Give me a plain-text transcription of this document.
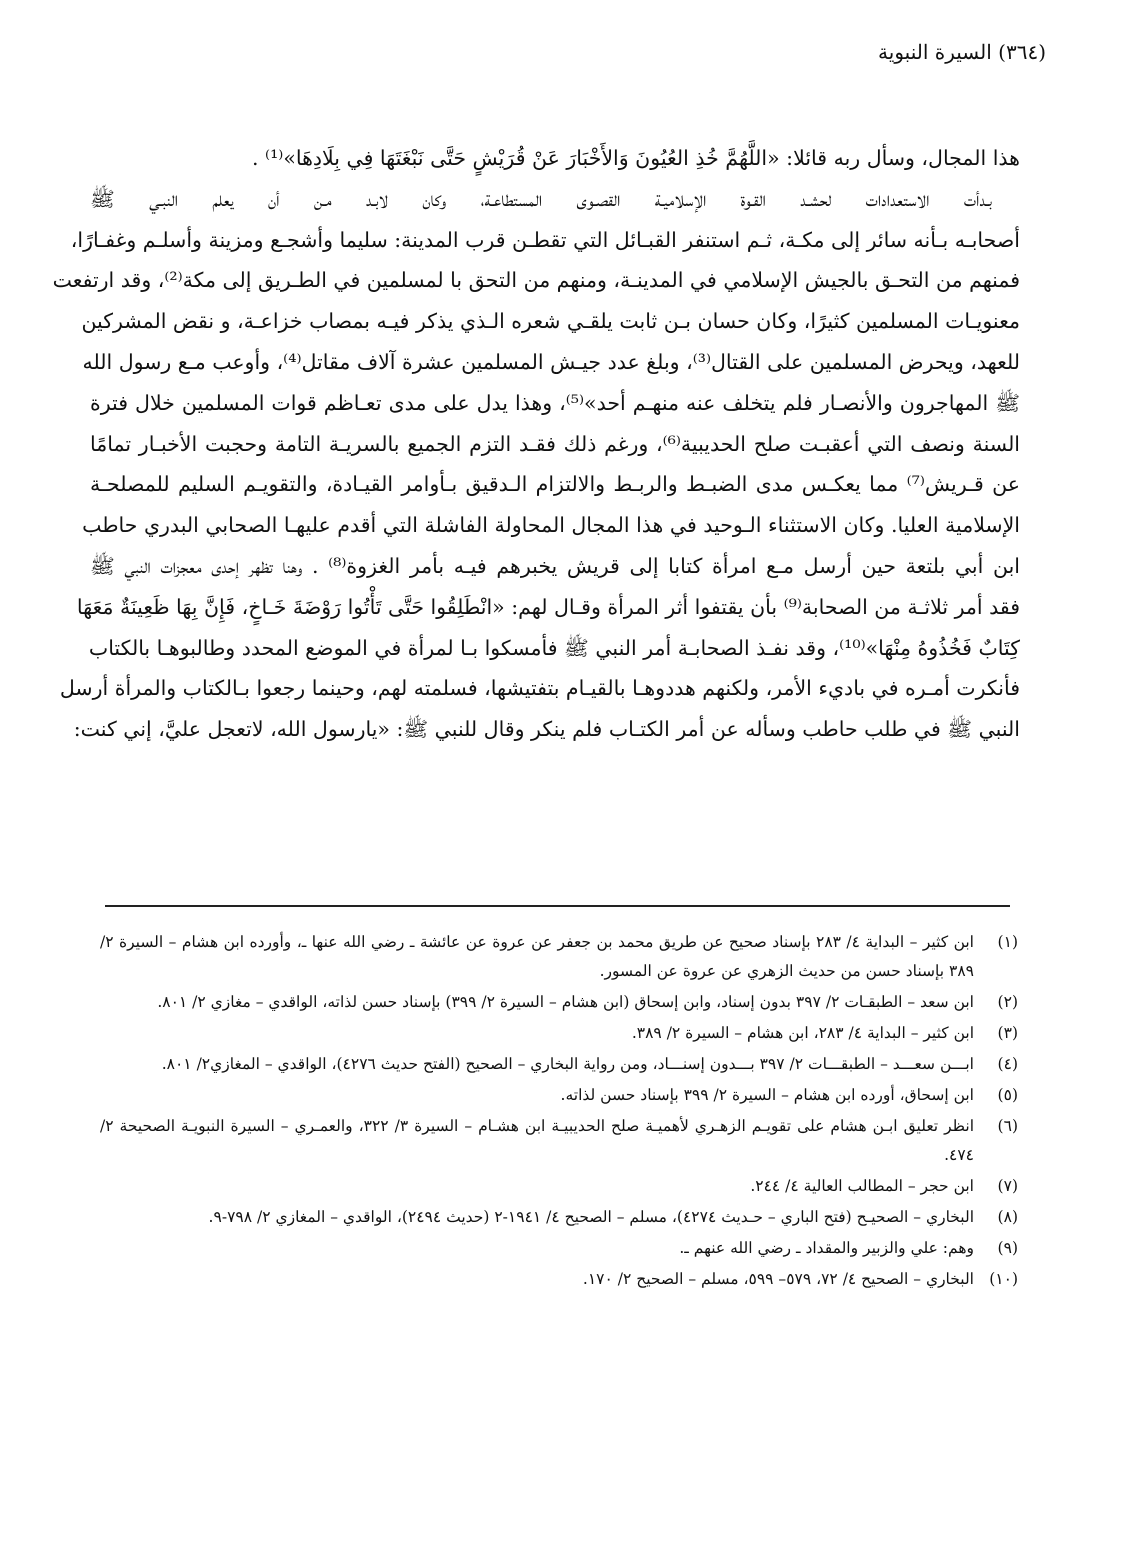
(٣٦٤) السيرة النبوية
هذا المجال، وسأل ربه قائلا: «اللَّهُمَّ خُذِ العُيُونَ وَالأَخْبَارَ عَنْ قُرَيْشٍ حَتَّى نَبْغَتَهَا فِي بِلَادِهَا»⁽¹⁾ .
بـدأت الاستعدادات لحشـد القـوة الإسلاميـة القصـوى المستطاعـة، وكان لابـد مـن أن يعلم النبـي ﷺ
أصحابـه بـأنه سائر إلى مكـة، ثـم استنفر القبـائل التي تقطـن قرب المدينة: سليما وأشجـع ومزينة وأسلـم وغفـارًا،
فمنهم من التحـق بالجيش الإسلامي في المدينـة، ومنهم من التحق با لمسلمين في الطـريق إلى مكة⁽²⁾، وقد ارتفعت
معنويـات المسلمين كثيرًا، وكان حسان بـن ثابت يلقـي شعره الـذي يذكر فيـه بمصاب خزاعـة، و نقض المشركين
للعهد، ويحرض المسلمين على القتال⁽³⁾، وبلغ عدد جيـش المسلمين عشرة آلاف مقاتل⁽⁴⁾، وأوعب مـع رسول الله
ﷺ المهاجرون والأنصـار فلم يتخلف عنه منهـم أحد»⁽⁵⁾، وهذا يدل على مدى تعـاظم قوات المسلمين خلال فترة
السنة ونصف التي أعقبـت صلح الحديبية⁽⁶⁾، ورغم ذلك فقـد التزم الجميع بالسريـة التامة وحجبت الأخبـار تمامًا
عن قـريش⁽⁷⁾ مما يعكـس مدى الضبـط والربـط والالتزام الـدقيق بـأوامر القيـادة، والتقويـم السليم للمصلحـة
الإسلامية العليا. وكان الاستثناء الـوحيد في هذا المجال المحاولة الفاشلة التي أقدم عليهـا الصحابي البدري حاطب
ابن أبي بلتعة حين أرسل مـع امرأة كتابا إلى قريش يخبرهم فيـه بأمر الغزوة⁽⁸⁾ . وهنا تظهر إحدى معجزات النبي ﷺ
فقد أمر ثلاثـة من الصحابة⁽⁹⁾ بأن يقتفوا أثر المرأة وقـال لهم: «انْطَلِقُوا حَتَّى تَأْتُوا رَوْضَةَ خَـاخٍ، فَإِنَّ بِهَا ظَعِينَةٌ مَعَهَا
كِتَابٌ فَخُذُوهُ مِنْهَا»⁽¹⁰⁾، وقد نفـذ الصحابـة أمر النبي ﷺ فأمسكوا بـا لمرأة في الموضع المحدد وطالبوهـا بالكتاب
فأنكرت أمـره في باديء الأمر، ولكنهم هددوهـا بالقيـام بتفتيشها، فسلمته لهم، وحينما رجعوا بـالكتاب والمرأة أرسل
النبي ﷺ في طلب حاطب وسأله عن أمر الكتـاب فلم ينكر وقال للنبي ﷺ: «يارسول الله، لاتعجل عليَّ، إني كنت:
(١)
ابن كثير – البداية ٤/ ٢٨٣ بإسناد صحيح عن طريق محمد بن جعفر عن عروة عن عائشة ـ رضي الله عنها ـ، وأورده ابن هشام – السيرة ٢/ ٣٨٩ بإسناد حسن من حديث الزهري عن عروة عن المسور.
(٢)
ابن سعد – الطبقـات ٢/ ٣٩٧ بدون إسناد، وابن إسحاق (ابن هشام – السيرة ٢/ ٣٩٩) بإسناد حسن لذاته، الواقدي – مغازي ٢/ ٨٠١.
(٣)
ابن كثير – البداية ٤/ ٢٨٣، ابن هشام – السيرة ٢/ ٣٨٩.
(٤)
ابـــن سعـــد – الطبقـــات ٢/ ٣٩٧ بـــدون إسنـــاد، ومن رواية البخاري – الصحيح (الفتح حديث ٤٢٧٦)، الواقدي – المغازي٢/ ٨٠١.
(٥)
ابن إسحاق، أورده ابن هشام – السيرة ٢/ ٣٩٩ بإسناد حسن لذاته.
(٦)
انظر تعليق ابـن هشام على تقويـم الزهـري لأهميـة صلح الحديبيـة ابن هشـام – السيرة ٣/ ٣٢٢، والعمـري – السيرة النبويـة الصحيحة ٢/ ٤٧٤.
(٧)
ابن حجر – المطالب العالية ٤/ ٢٤٤.
(٨)
البخاري – الصحيـح (فتح الباري – حـديث ٤٢٧٤)، مسلم – الصحيح ٤/ ١٩٤١-٢ (حديث ٢٤٩٤)، الواقدي – المغازي ٢/ ٧٩٨-٩.
(٩)
وهم: علي والزبير والمقداد ـ رضي الله عنهم ـ.
(١٠)
البخاري – الصحيح ٤/ ٧٢، ٥٧٩– ٥٩٩، مسلم – الصحيح ٢/ ١٧٠.
